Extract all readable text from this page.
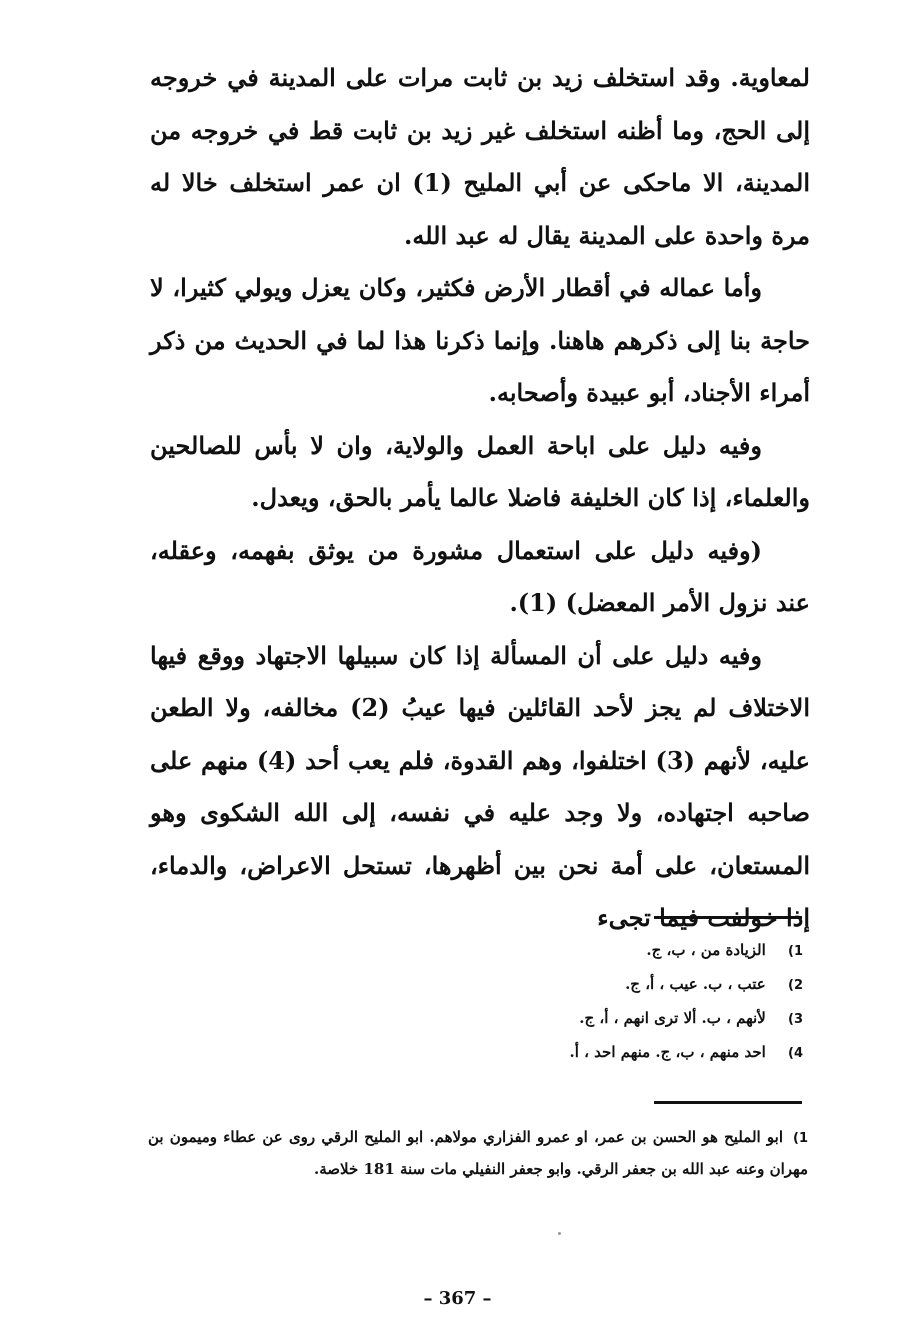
لمعاوية. وقد استخلف زيد بن ثابت مرات على المدينة في خروجه إلى الحج، وما أظنه استخلف غير زيد بن ثابت قط في خروجه من المدينة، الا ماحكى عن أبي المليح (1) ان عمر استخلف خالا له مرة واحدة على المدينة يقال له عبد الله.

وأما عماله في أقطار الأرض فكثير، وكان يعزل ويولي كثيرا، لا حاجة بنا إلى ذكرهم هاهنا. وإنما ذكرنا هذا لما في الحديث من ذكر أمراء الأجناد، أبو عبيدة وأصحابه.

وفيه دليل على اباحة العمل والولاية، وان لا بأس للصالحين والعلماء، إذا كان الخليفة فاضلا عالما يأمر بالحق، ويعدل.

(وفيه دليل على استعمال مشورة من يوثق بفهمه، وعقله، عند نزول الأمر المعضل) (1).

وفيه دليل على أن المسألة إذا كان سبيلها الاجتهاد ووقع فيها الاختلاف لم يجز لأحد القائلين فيها عيبُ (2) مخالفه، ولا الطعن عليه، لأنهم (3) اختلفوا، وهم القدوة، فلم يعب أحد (4) منهم على صاحبه اجتهاده، ولا وجد عليه في نفسه، إلى الله الشكوى وهو المستعان، على أمة نحن بين أظهرها، تستحل الاعراض، والدماء، إذا خولفت فيما تجىء

1) الزيادة من ، ب، ج.
2) عتب ، ب. عيب ، أ، ج.
3) لأنهم ، ب. ألا ترى انهم ، أ، ج.
4) احد منهم ، ب، ج. منهم احد ، أ.
1)ابو المليح هو الحسن بن عمر، او عمرو الفزاري مولاهم. ابو المليح الرقي روى عن عطاء وميمون بن مهران وعنه عبد الله بن جعفر الرقي. وابو جعفر النفيلي مات سنة 181 خلاصة.
– 367 –
